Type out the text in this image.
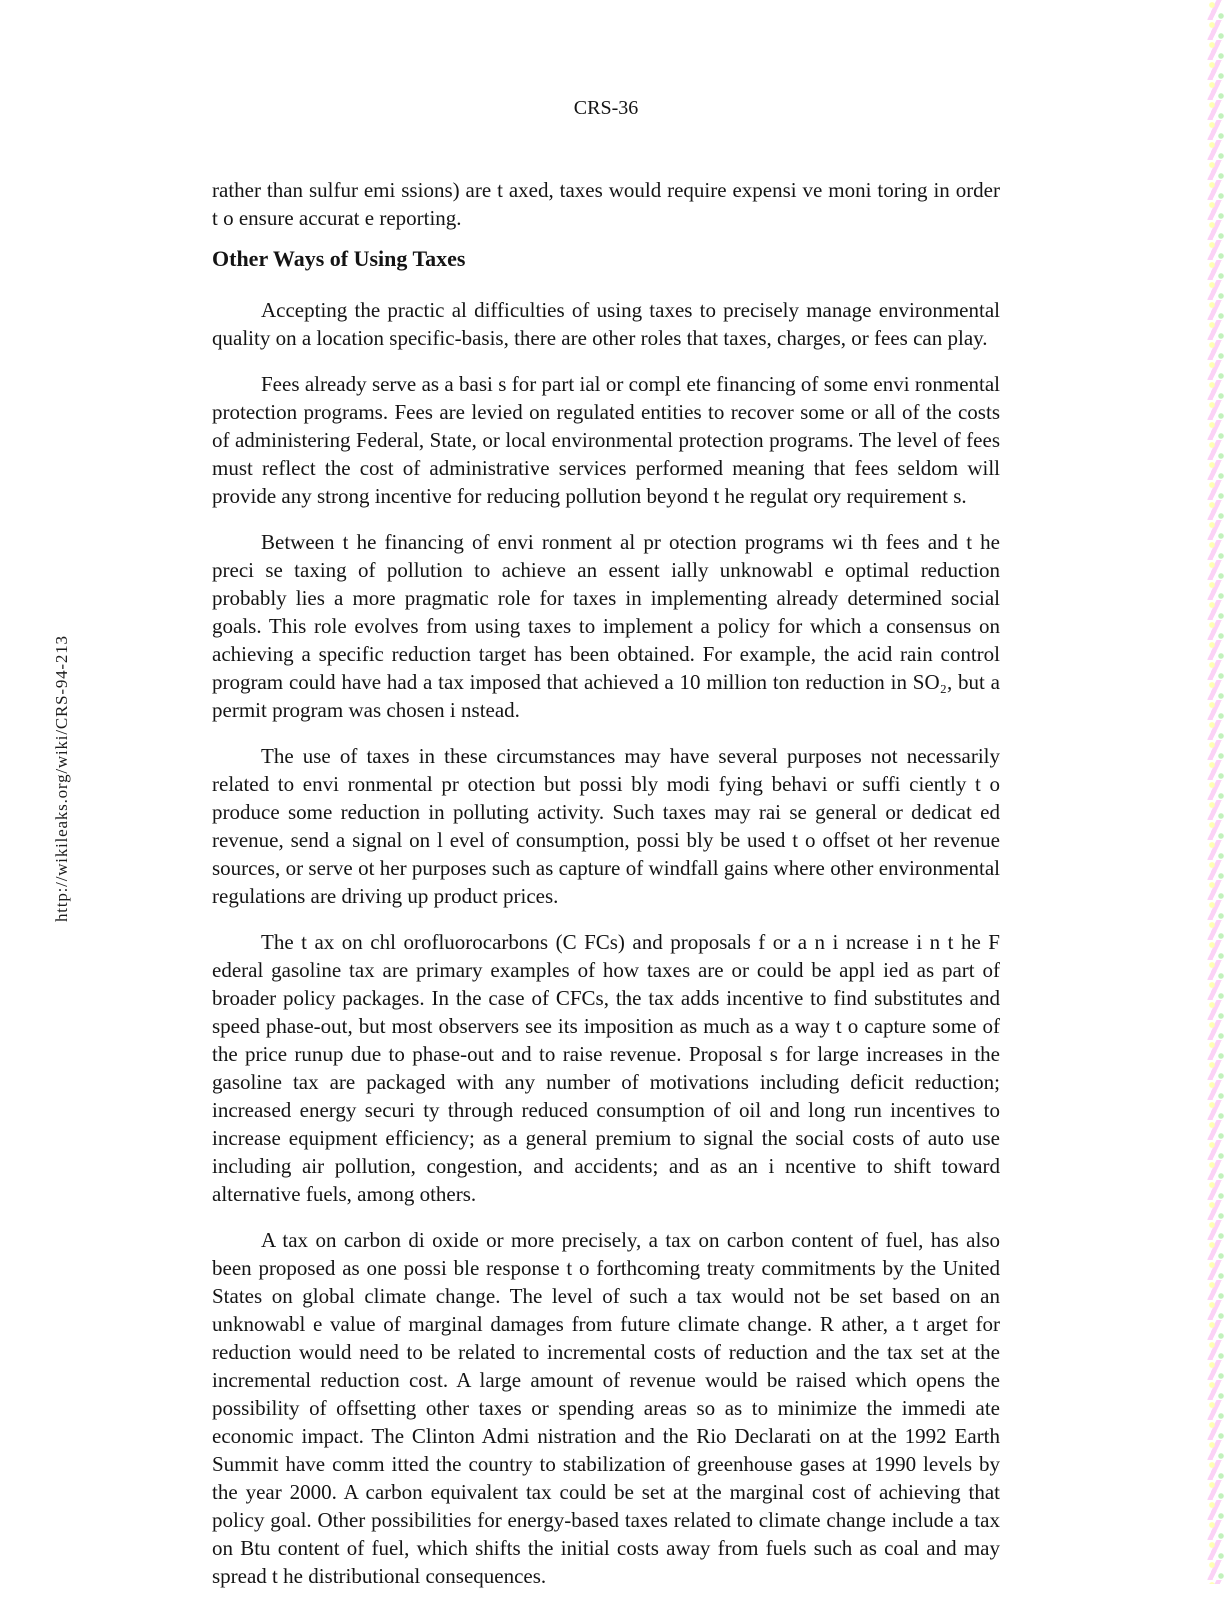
http://wikileaks.org/wiki/CRS-94-213
CRS-36

rather than sulfur emi ssions) are t axed, taxes would require expensi ve moni toring in order t o ensure accurat e reporting.

Other Ways of Using Taxes

Accepting the practic al difficulties of using taxes to precisely manage environmental quality on a location specific-basis, there are other roles that taxes, charges, or fees can play.

Fees already serve as a basi s for part ial or compl ete financing of some envi ronmental protection programs. Fees are levied on regulated entities to recover some or all of the costs of administering Federal, State, or local environmental protection programs. The level of fees must reflect the cost of administrative services performed meaning that fees seldom will provide any strong incentive for reducing pollution beyond t he regulat ory requirement s.

Between t he financing of envi ronment al pr otection programs wi th fees and t he preci se taxing of pollution to achieve an essent ially unknowabl e optimal reduction probably lies a more pragmatic role for taxes in implementing already determined social goals. This role evolves from using taxes to implement a policy for which a consensus on achieving a specific reduction target has been obtained. For example, the acid rain control program could have had a tax imposed that achieved a 10 million ton reduction in SO₂, but a permit program was chosen i nstead.

The use of taxes in these circumstances may have several purposes not necessarily related to envi ronmental pr otection but possi bly modi fying behavi or suffi ciently t o produce some reduction in polluting activity. Such taxes may rai se general or dedicat ed revenue, send a signal on l evel of consumption, possi bly be used t o offset ot her revenue sources, or serve ot her purposes such as capture of windfall gains where other environmental regulations are driving up product prices.

The t ax on chl orofluorocarbons (C FCs) and proposals f or a n i ncrease i n t he F ederal gasoline tax are primary examples of how taxes are or could be appl ied as part of broader policy packages. In the case of CFCs, the tax adds incentive to find substitutes and speed phase-out, but most observers see its imposition as much as a way t o capture some of the price runup due to phase-out and to raise revenue. Proposal s for large increases in the gasoline tax are packaged with any number of motivations including deficit reduction; increased energy securi ty through reduced consumption of oil and long run incentives to increase equipment efficiency; as a general premium to signal the social costs of auto use including air pollution, congestion, and accidents; and as an i ncentive to shift toward alternative fuels, among others.

A tax on carbon di oxide or more precisely, a tax on carbon content of fuel, has also been proposed as one possi ble response t o forthcoming treaty commitments by the United States on global climate change. The level of such a tax would not be set based on an unknowabl e value of marginal damages from future climate change. R ather, a t arget for reduction would need to be related to incremental costs of reduction and the tax set at the incremental reduction cost. A large amount of revenue would be raised which opens the possibility of offsetting other taxes or spending areas so as to minimize the immedi ate economic impact. The Clinton Admi nistration and the Rio Declarati on at the 1992 Earth Summit have comm itted the country to stabilization of greenhouse gases at 1990 levels by the year 2000. A carbon equivalent tax could be set at the marginal cost of achieving that policy goal. Other possibilities for energy-based taxes related to climate change include a tax on Btu content of fuel, which shifts the initial costs away from fuels such as coal and may spread t he distributional consequences.
